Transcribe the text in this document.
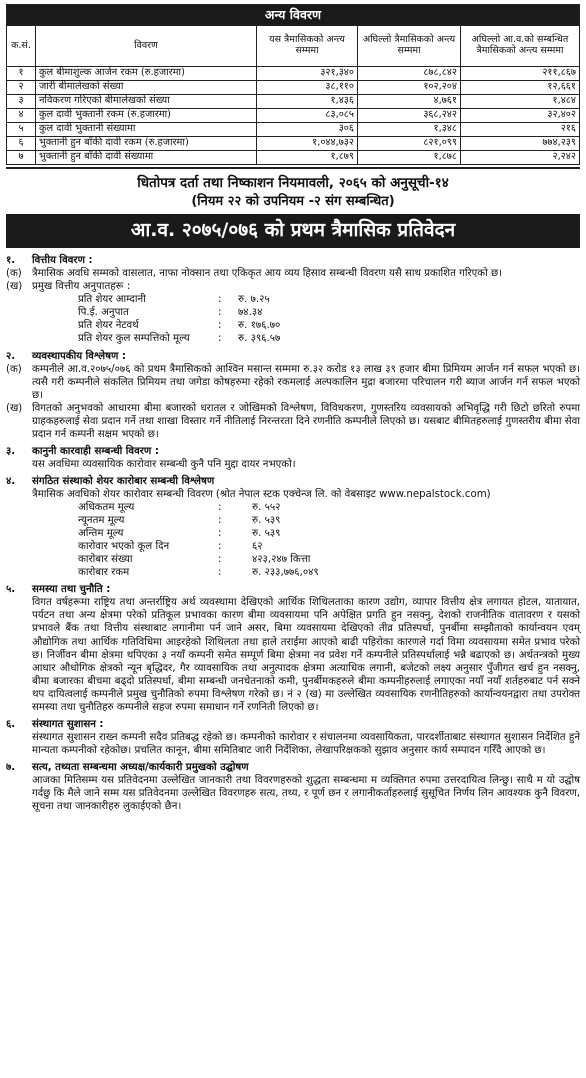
अन्य विवरण				
क.सं.	विवरण	यस त्रैमासिकको अन्त्य सम्ममा	अघिल्लो त्रैमासिकको अन्त्य सम्ममा	अघिल्लो आ.व.को सम्बन्धित त्रैमासिकको अन्त्य सम्ममा
१	कुल बीमाशुल्क आर्जन रकम (रु.हजारमा)	३२१,३४०	८७८,८४२	२११,८६७
२	जारी बीमालेखको संख्या	३८,११०	१०२,२०४	१२,६६१
३	नविकरण गरिएको बीमालेखको संख्या	१,४३६	४,७६१	१,४८४
४	कुल दावी भुक्तानी रकम (रु.हजारमा)	८३,०८५	३६८,२४२	३२,४०२
५	कुल दावी भुक्तानी संख्यामा	३०६	१,३४८	२१६
६	भुक्तानी हुन बाँकी दावी रकम (रु.हजारमा)	१,०४४,७३२	८२१,०९९	७७४,२३९
७	भुक्तानी हुन बाँकी दावी संख्यामा	१,८७९	१,८७८	२,२४२
धितोपत्र दर्ता तथा निष्काशन नियमावली, २०६५ को अनुसूची-१४
(नियम २२ को उपनियम -२ संग सम्बन्धित)
आ.व. २०७५/०७६ को प्रथम त्रैमासिक प्रतिवेदन
१. वित्तीय विवरण :
(क)	त्रैमासिक अवधि सम्मको वासलात, नाफा नोक्सान तथा एकिकृत आय व्यय हिसाव सम्बन्धी विवरण यसै साथ प्रकाशित गरिएको छ।
(ख) प्रमुख वित्तीय अनुपातहरू :
प्रति शेयर आम्दानी	:	रु. ७.२५
पि.ई. अनुपात	:	७४.३४
प्रति शेयर नेटवर्थ	:	रु. १७६.७०
प्रति शेयर कुल सम्पत्तिको मूल्य	:	रु. ३९६.५७
२. व्यवस्थापकीय विश्लेषण :
(क)	कम्पनीले आ.व.२०७५/०७६ को प्रथम त्रैमासिकको आश्विन मसान्त सम्ममा रु.३२ करोड १३ लाख ३९ हजार बीमा प्रिमियम आर्जन गर्न सफल भएको छ। त्यसै गरी कम्पनीले संकलित प्रिमियम तथा जगेडा कोषहरुमा रहेको रकमलाई अल्पकालिन मुद्रा बजारमा परिचालन गरी ब्याज आर्जन गर्न सफल भएको छ।
(ख) विगतको अनुभवको आधारमा बीमा बजारको धरातल र जोखिमको विश्लेषण, विविधकरण, गुणस्तरिय व्यवसायको अभिवृद्धि गरी छिटो छरितो रुपमा ग्राहकहरुलाई सेवा प्रदान गर्ने तथा शाखा विस्तार गर्ने नीतिलाई निरन्तरता दिने रणनीति कम्पनीले लिएको छ। यसबाट बीमितहरुलाई गुणस्तरीय बीमा सेवा प्रदान गर्न कम्पनी सक्षम भएको छ।
३. कानुनी कारवाही सम्बन्धी विवरण :
यस अवधिमा व्यवसायिक कारोवार सम्बन्धी कुनै पनि मुद्दा दायर नभएको।
४. संगठित संस्थाको शेयर कारोबार सम्बन्धी विश्लेषण
त्रैमासिक अवधिको शेयर कारोवार सम्बन्धी विवरण (श्रोत नेपाल स्टक एक्चेन्ज लि. को वेबसाइट www.nepalstock.com)
अधिकतम मूल्य	:	रु. ५५२
न्यूनतम मूल्य	:	रु. ५३९
अन्तिम मूल्य	:	रु. ५३९
कारोवार भएको कूल दिन	:	६२
कारोबार संख्या	:	४२३,२४७ कित्ता
कारोबार रकम	:	रु. २३३,७७६,०४९
५. समस्या तथा चुनौति :
विगत वर्षहरूमा राष्ट्रिय तथा अन्तर्राष्ट्रिय अर्थ व्यवस्थामा देखिएको आर्थिक शिथिलताका कारण उद्योग, व्यापार वित्तीय क्षेत्र लगायत होटल, यातायात, पर्यटन तथा अन्य क्षेत्रमा परेको प्रतिकूल प्रभावका कारण बीमा व्यवसायमा पनि अपेक्षित प्रगति हुन नसक्नु, देशको राजनीतिक वातावरण र यसको प्रभावले बैंक तथा वित्तीय संस्थाबाट लगानीमा पर्न जाने असर, बिमा व्यवसायमा देखिएको तीव्र प्रतिस्पर्धा, पुनर्बीमा सम्झौताको कार्यान्वयन एवम् औद्योगिक तथा आर्थिक गतिविधिमा आइरहेको शिथिलता तथा हाले तराईमा आएको बाढी पहिरोका कारणले गर्दा विमा व्यवसायमा समेत प्रभाव परेको छ। निर्जीवन बीमा क्षेत्रमा थपिएका ३ नयाँ कम्पनी समेत सम्पूर्ण बिमा क्षेत्रमा नव प्रवेश गर्ने कम्पनीले प्रतिस्पर्धालाई भन्नै बढाएको छ। अर्थतन्त्रको मुख्य आधार औधोगिक क्षेत्रको न्यून बृद्धिदर, गैर व्यावसायिक तथा अनुत्पादक क्षेत्रमा अत्याधिक लगानी, बजेटको लक्ष्य अनुसार पुँजीगत खर्च हुन नसक्नु, बीमा बजारका बीचमा बढ्दो प्रतिस्पर्धा, बीमा सम्बन्धी जनचेतनाको कमी, पुनर्बीमकहरुले बीमा कम्पनीहरुलाई लगाएका नयाँ नयाँ शर्तहरुबाट पर्न सक्ने थप दायित्वलाई कम्पनीले प्रमुख चुनौतिको रुपमा विश्लेषण गरेको छ। नं २ (ख) मा उल्लेखित व्यवसायिक रणनीतिहरुको कार्यान्वयनद्वारा तथा उपरोक्त समस्या तथा चुनौतिहरु कम्पनीले सहज रुपमा समाधान गर्ने रणनिती लिएको छ।
६. संस्थागत सुशासन :
संस्थागत सुशासन राख्न कम्पनी सदैव प्रतिबद्ध रहेको छ। कम्पनीको कारोवार र संचालनमा व्यवसायिकता, पारदर्शीताबाट संस्थागत सुशासन निर्देशित हुने मान्यता कम्पनीको रहेकोछ। प्रचलित कानून, बीमा समितिबाट जारी निर्देशिका, लेखापरिक्षकको सुझाव अनुसार कार्य सम्पादन गरिँदै आएको छ।
७. सत्य, तथ्यता सम्बन्धमा अध्यक्ष/कार्यकारी प्रमुखको उद्घोषण
आजका मितिसम्म यस प्रतिवेदनमा उल्लेखित जानकारी तथा विवरणहरुको शुद्धता सम्बन्धमा म व्यक्तिगत रुपमा उत्तरदायित्व लिन्छु। साथै म यो उद्घोष गर्दछु कि मैले जाने सम्म यस प्रतिवेदनमा उल्लेखित विवरणहरु सत्य, तथ्य, र पूर्ण छन र लगानीकर्ताहरुलाई सुसूचित निर्णय लिन आवश्यक कुनै विवरण, सूचना तथा जानकारीहरु लुकाईएको छैन।
